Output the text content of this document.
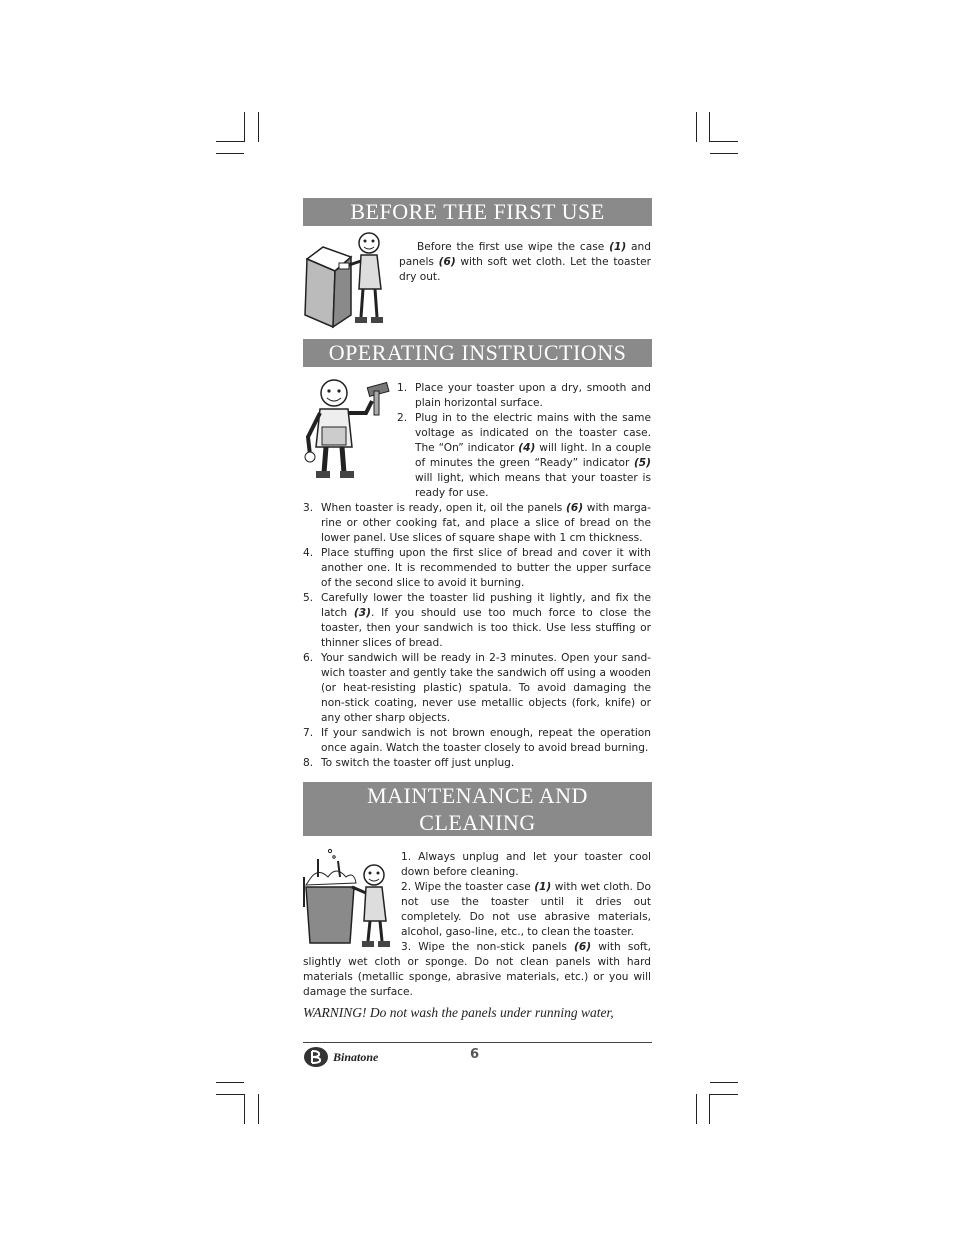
BEFORE THE FIRST USE
Before the first use wipe the case (1) and panels (6) with soft wet cloth. Let the toaster dry out.
OPERATING INSTRUCTIONS
1. Place your toaster upon a dry, smooth and plain horizontal surface.
2. Plug in to the electric mains with the same voltage as indicated on the toaster case. The “On” indicator (4) will light. In a couple of minutes the green “Ready” indicator (5) will light, which means that your toaster is ready for use.
3. When toaster is ready, open it, oil the panels (6) with marga-rine or other cooking fat, and place a slice of bread on the lower panel. Use slices of square shape with 1 cm thickness.
4. Place stuffing upon the first slice of bread and cover it with another one. It is recommended to butter the upper surface of the second slice to avoid it burning.
5. Carefully lower the toaster lid pushing it lightly, and fix the latch (3). If you should use too much force to close the toaster, then your sandwich is too thick. Use less stuffing or thinner slices of bread.
6. Your sandwich will be ready in 2-3 minutes. Open your sand-wich toaster and gently take the sandwich off using a wooden (or heat-resisting plastic) spatula. To avoid damaging the non-stick coating, never use metallic objects (fork, knife) or any other sharp objects.
7. If your sandwich is not brown enough, repeat the operation once again. Watch the toaster closely to avoid bread burning.
8. To switch the toaster off just unplug.
MAINTENANCE AND
CLEANING
1. Always unplug and let your toaster cool down before cleaning.
2. Wipe the toaster case (1) with wet cloth. Do not use the toaster until it dries out completely. Do not use abrasive materials, alcohol, gaso-line, etc., to clean the toaster.
3. Wipe the non-stick panels (6) with soft, slightly wet cloth or sponge. Do not clean panels with hard materials (metallic sponge, abrasive materials, etc.) or you will damage the surface.
WARNING! Do not wash the panels under running water,
Binatone	6
